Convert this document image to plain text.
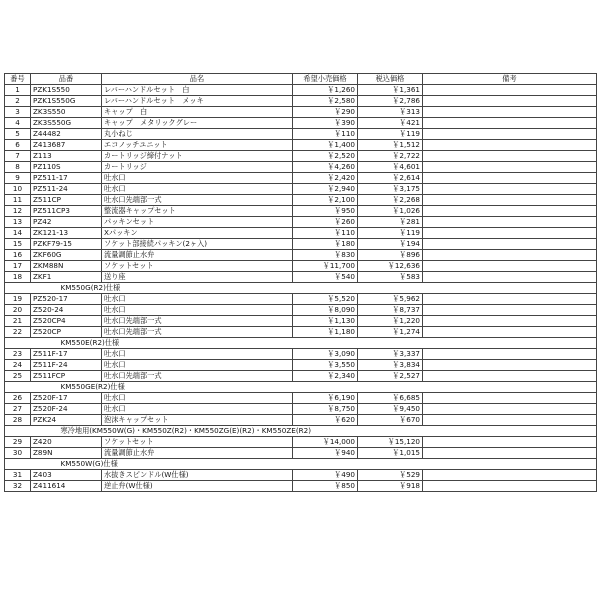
番号	品番	品名	希望小売価格	税込価格	備考
1	PZK1S550	レバーハンドルセット　白	￥1,260	￥1,361	
2	PZK1S550G	レバーハンドルセット　メッキ	￥2,580	￥2,786	
3	ZK3S550	キャップ　白	￥290	￥313	
4	ZK3S550G	キャップ　メタリックグレー	￥390	￥421	
5	Z44482	丸小ねじ	￥110	￥119	
6	Z413687	エコノッチユニット	￥1,400	￥1,512	
7	Z113	カートリッジ締付ナット	￥2,520	￥2,722	
8	PZ110S	カートリッジ	￥4,260	￥4,601	
9	PZ511-17	吐水口	￥2,420	￥2,614	
10	PZ511-24	吐水口	￥2,940	￥3,175	
11	Z511CP	吐水口先端部一式	￥2,100	￥2,268	
12	PZ511CP3	整流器キャップセット	￥950	￥1,026	
13	PZ42	パッキンセット	￥260	￥281	
14	ZK121-13	Xパッキン	￥110	￥119	
15	PZKF79-15	ソケット部接続パッキン(2ヶ入)	￥180	￥194	
16	ZKF60G	流量調節止水弁	￥830	￥896	
17	ZKM88N	ソケットセット	￥11,700	￥12,636	
18	ZKF1	送り座	￥540	￥583	
	KM550G(R2)仕様				
19	PZ520-17	吐水口	￥5,520	￥5,962	
20	Z520-24	吐水口	￥8,090	￥8,737	
21	Z520CP4	吐水口先端部一式	￥1,130	￥1,220	
22	Z520CP	吐水口先端部一式	￥1,180	￥1,274	
	KM550E(R2)仕様				
23	Z511F-17	吐水口	￥3,090	￥3,337	
24	Z511F-24	吐水口	￥3,550	￥3,834	
25	Z511FCP	吐水口先端部一式	￥2,340	￥2,527	
	KM550GE(R2)仕様				
26	Z520F-17	吐水口	￥6,190	￥6,685	
27	Z520F-24	吐水口	￥8,750	￥9,450	
28	PZK24	泡沫キャップセット	￥620	￥670	
	寒冷地用(KM550W(G)・KM550Z(R2)・KM550ZG(E)(R2)・KM550ZE(R2)				
29	Z420	ソケットセット	￥14,000	￥15,120	
30	Z89N	流量調節止水弁	￥940	￥1,015	
	KM550W(G)仕様				
31	Z403	水抜きスピンドル(W仕様)	￥490	￥529	
32	Z411614	逆止弁(W仕様)	￥850	￥918	
